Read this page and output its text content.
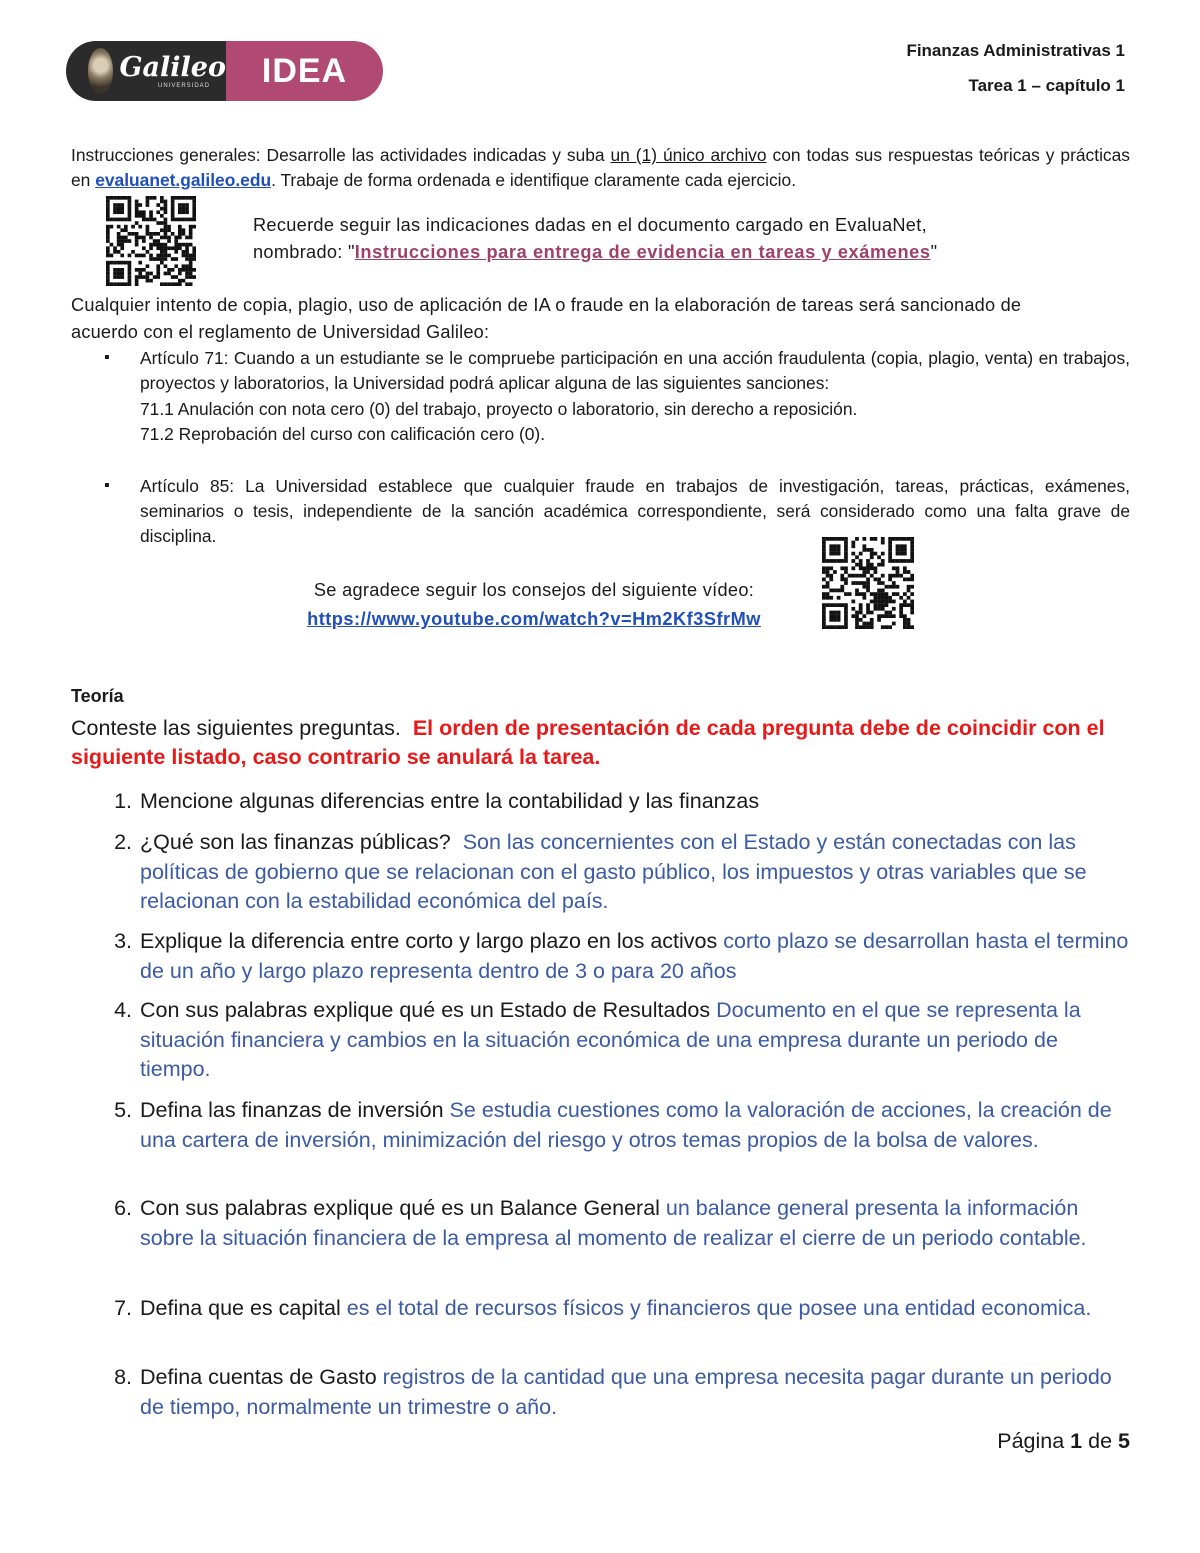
Galileo
UNIVERSIDAD IDEA
Finanzas Administrativas 1
Tarea 1 – capítulo 1
Instrucciones generales: Desarrolle las actividades indicadas y suba un (1) único archivo con todas sus respuestas teóricas y prácticas en evaluanet.galileo.edu. Trabaje de forma ordenada e identifique claramente cada ejercicio.
Recuerde seguir las indicaciones dadas en el documento cargado en EvaluaNet,
nombrado: "Instrucciones para entrega de evidencia en tareas y exámenes"
Cualquier intento de copia, plagio, uso de aplicación de IA o fraude en la elaboración de tareas será sancionado de acuerdo con el reglamento de Universidad Galileo:
▪ Artículo 71: Cuando a un estudiante se le compruebe participación en una acción fraudulenta (copia, plagio, venta) en trabajos, proyectos y laboratorios, la Universidad podrá aplicar alguna de las siguientes sanciones:
71.1 Anulación con nota cero (0) del trabajo, proyecto o laboratorio, sin derecho a reposición.
71.2 Reprobación del curso con calificación cero (0).
▪ Artículo 85: La Universidad establece que cualquier fraude en trabajos de investigación, tareas, prácticas, exámenes, seminarios o tesis, independiente de la sanción académica correspondiente, será considerado como una falta grave de disciplina.
Se agradece seguir los consejos del siguiente vídeo:
https://www.youtube.com/watch?v=Hm2Kf3SfrMw
Teoría
Conteste las siguientes preguntas. El orden de presentación de cada pregunta debe de coincidir con el siguiente listado, caso contrario se anulará la tarea.
1. Mencione algunas diferencias entre la contabilidad y las finanzas
2. ¿Qué son las finanzas públicas? Son las concernientes con el Estado y están conectadas con las políticas de gobierno que se relacionan con el gasto público, los impuestos y otras variables que se relacionan con la estabilidad económica del país.
3. Explique la diferencia entre corto y largo plazo en los activos corto plazo se desarrollan hasta el termino de un año y largo plazo representa dentro de 3 o para 20 años
4. Con sus palabras explique qué es un Estado de Resultados Documento en el que se representa la situación financiera y cambios en la situación económica de una empresa durante un periodo de tiempo.
5. Defina las finanzas de inversión Se estudia cuestiones como la valoración de acciones, la creación de una cartera de inversión, minimización del riesgo y otros temas propios de la bolsa de valores.
6. Con sus palabras explique qué es un Balance General un balance general presenta la información sobre la situación financiera de la empresa al momento de realizar el cierre de un periodo contable.
7. Defina que es capital es el total de recursos físicos y financieros que posee una entidad economica.
8. Defina cuentas de Gasto registros de la cantidad que una empresa necesita pagar durante un periodo de tiempo, normalmente un trimestre o año.
Página 1 de 5
